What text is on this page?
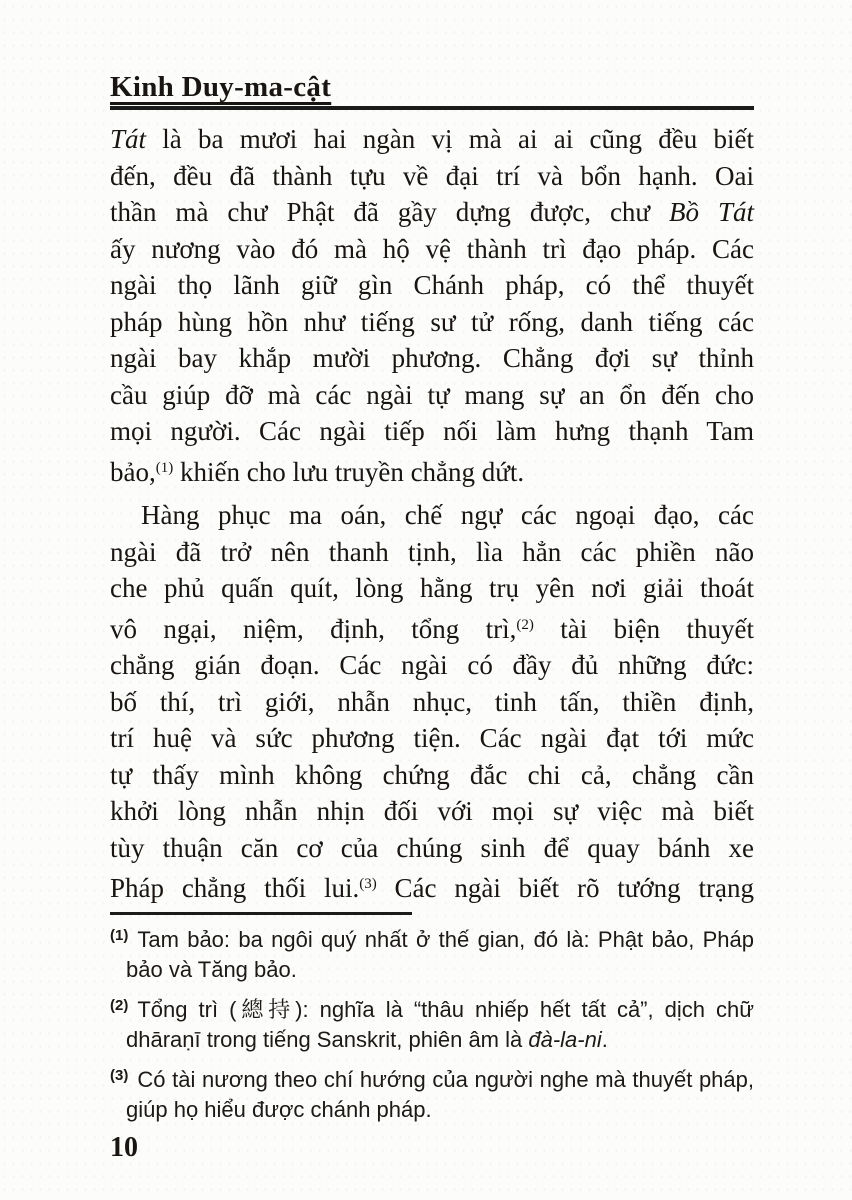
Kinh Duy-ma-cật
Tát là ba mươi hai ngàn vị mà ai ai cũng đều biết
đến, đều đã thành tựu về đại trí và bổn hạnh. Oai
thần mà chư Phật đã gầy dựng được, chư Bồ Tát
ấy nương vào đó mà hộ vệ thành trì đạo pháp. Các
ngài thọ lãnh giữ gìn Chánh pháp, có thể thuyết
pháp hùng hồn như tiếng sư tử rống, danh tiếng các
ngài bay khắp mười phương. Chẳng đợi sự thỉnh
cầu giúp đỡ mà các ngài tự mang sự an ổn đến cho
mọi người. Các ngài tiếp nối làm hưng thạnh Tam
bảo,$^{(1)}$ khiến cho lưu truyền chẳng dứt.
Hàng phục ma oán, chế ngự các ngoại đạo, các
ngài đã trở nên thanh tịnh, lìa hẳn các phiền não
che phủ quấn quít, lòng hằng trụ yên nơi giải thoát
vô ngại, niệm, định, tổng trì,$^{(2)}$ tài biện thuyết
chẳng gián đoạn. Các ngài có đầy đủ những đức:
bố thí, trì giới, nhẫn nhục, tinh tấn, thiền định,
trí huệ và sức phương tiện. Các ngài đạt tới mức
tự thấy mình không chứng đắc chi cả, chẳng cần
khởi lòng nhẫn nhịn đối với mọi sự việc mà biết
tùy thuận căn cơ của chúng sinh để quay bánh xe
Pháp chẳng thối lui.$^{(3)}$ Các ngài biết rõ tướng trạng
$^{(1)}$ Tam bảo: ba ngôi quý nhất ở thế gian, đó là: Phật bảo, Pháp
bảo và Tăng bảo.
$^{(2)}$ Tổng trì (總持): nghĩa là “thâu nhiếp hết tất cả”, dịch chữ
dhāraṇī trong tiếng Sanskrit, phiên âm là đà-la-ni.
$^{(3)}$ Có tài nương theo chí hướng của người nghe mà thuyết pháp,
giúp họ hiểu được chánh pháp.
10
